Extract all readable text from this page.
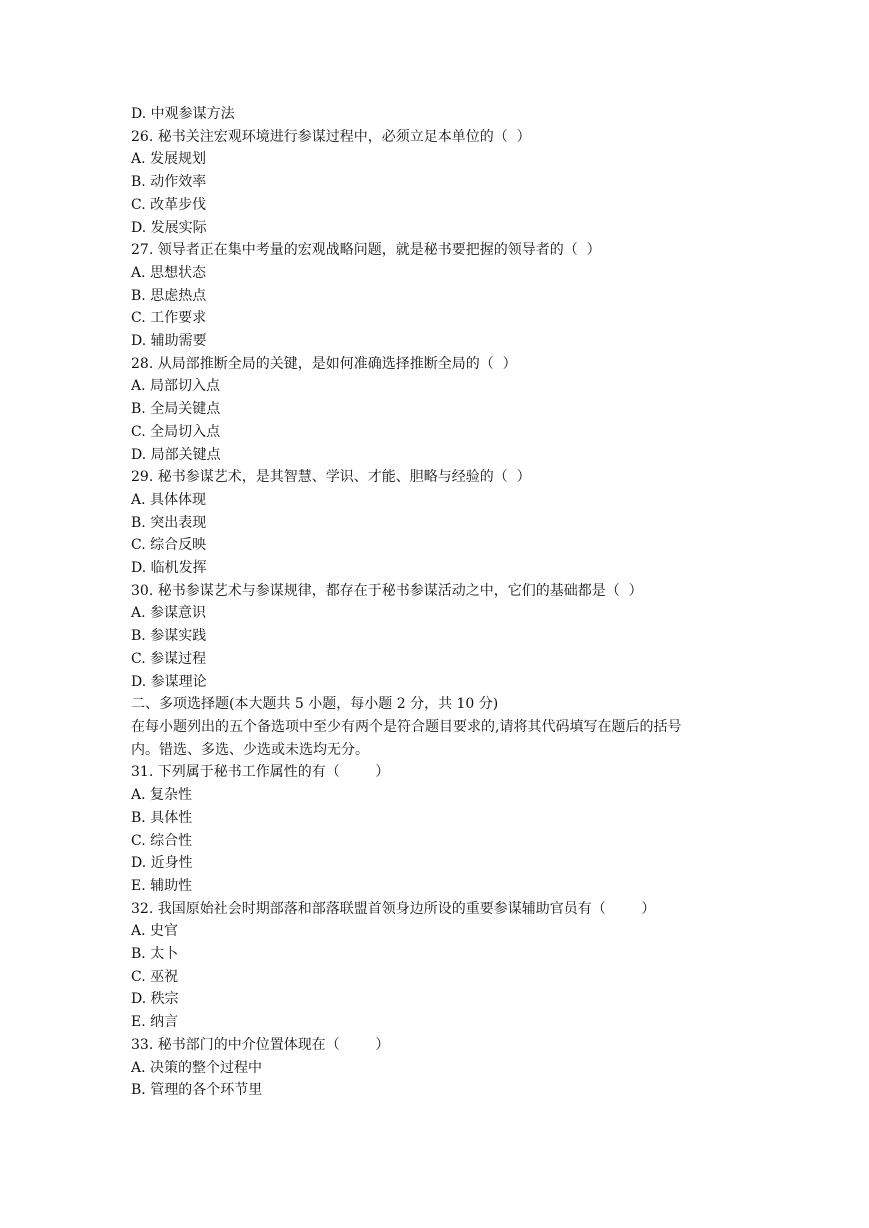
D. 中观参谋方法

26. 秘书关注宏观环境进行参谋过程中，必须立足本单位的（  ）

A. 发展规划

B. 动作效率

C. 改革步伐

D. 发展实际

27. 领导者正在集中考量的宏观战略问题，就是秘书要把握的领导者的（  ）

A. 思想状态

B. 思虑热点

C. 工作要求

D. 辅助需要

28. 从局部推断全局的关键，是如何准确选择推断全局的（  ）

A. 局部切入点

B. 全局关键点

C. 全局切入点

D. 局部关键点

29. 秘书参谋艺术，是其智慧、学识、才能、胆略与经验的（  ）

A. 具体体现

B. 突出表现

C. 综合反映

D. 临机发挥

30. 秘书参谋艺术与参谋规律，都存在于秘书参谋活动之中，它们的基础都是（  ）

A. 参谋意识

B. 参谋实践

C. 参谋过程

D. 参谋理论

二、多项选择题(本大题共 5 小题，每小题 2 分，共 10 分)

在每小题列出的五个备选项中至少有两个是符合题目要求的,请将其代码填写在题后的括号

内。错选、多选、少选或未选均无分。

31. 下列属于秘书工作属性的有（        ）

A. 复杂性

B. 具体性

C. 综合性

D. 近身性

E. 辅助性

32. 我国原始社会时期部落和部落联盟首领身边所设的重要参谋辅助官员有（        ）

A. 史官

B. 太卜

C. 巫祝

D. 秩宗

E. 纳言

33. 秘书部门的中介位置体现在（        ）

A. 决策的整个过程中

B. 管理的各个环节里
